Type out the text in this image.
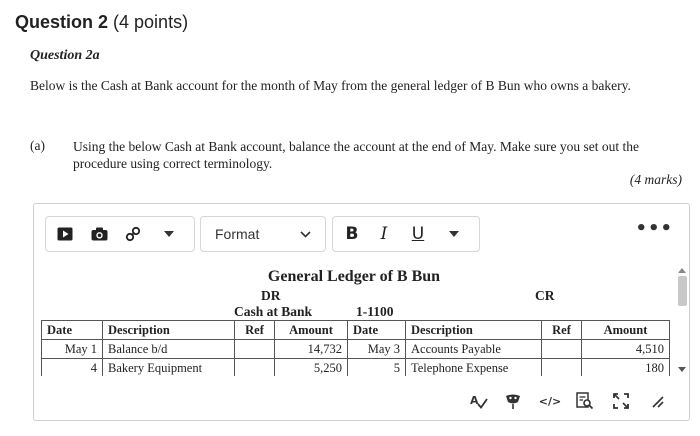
Question 2 (4 points)
Question 2a
Below is the Cash at Bank account for the month of May from the general ledger of B Bun who owns a bakery.
(a) Using the below Cash at Bank account, balance the account at the end of May. Make sure you set out the procedure using correct terminology.
(4 marks)
Format	B	I	U	•••
General Ledger of B Bun
DR	CR
Cash at Bank	1-1100
Date	Description	Ref	Amount	Date	Description	Ref	Amount
May 1	Balance b/d		14,732	May 3	Accounts Payable		4,510
4	Bakery Equipment		5,250	5	Telephone Expense		180
A	</>
